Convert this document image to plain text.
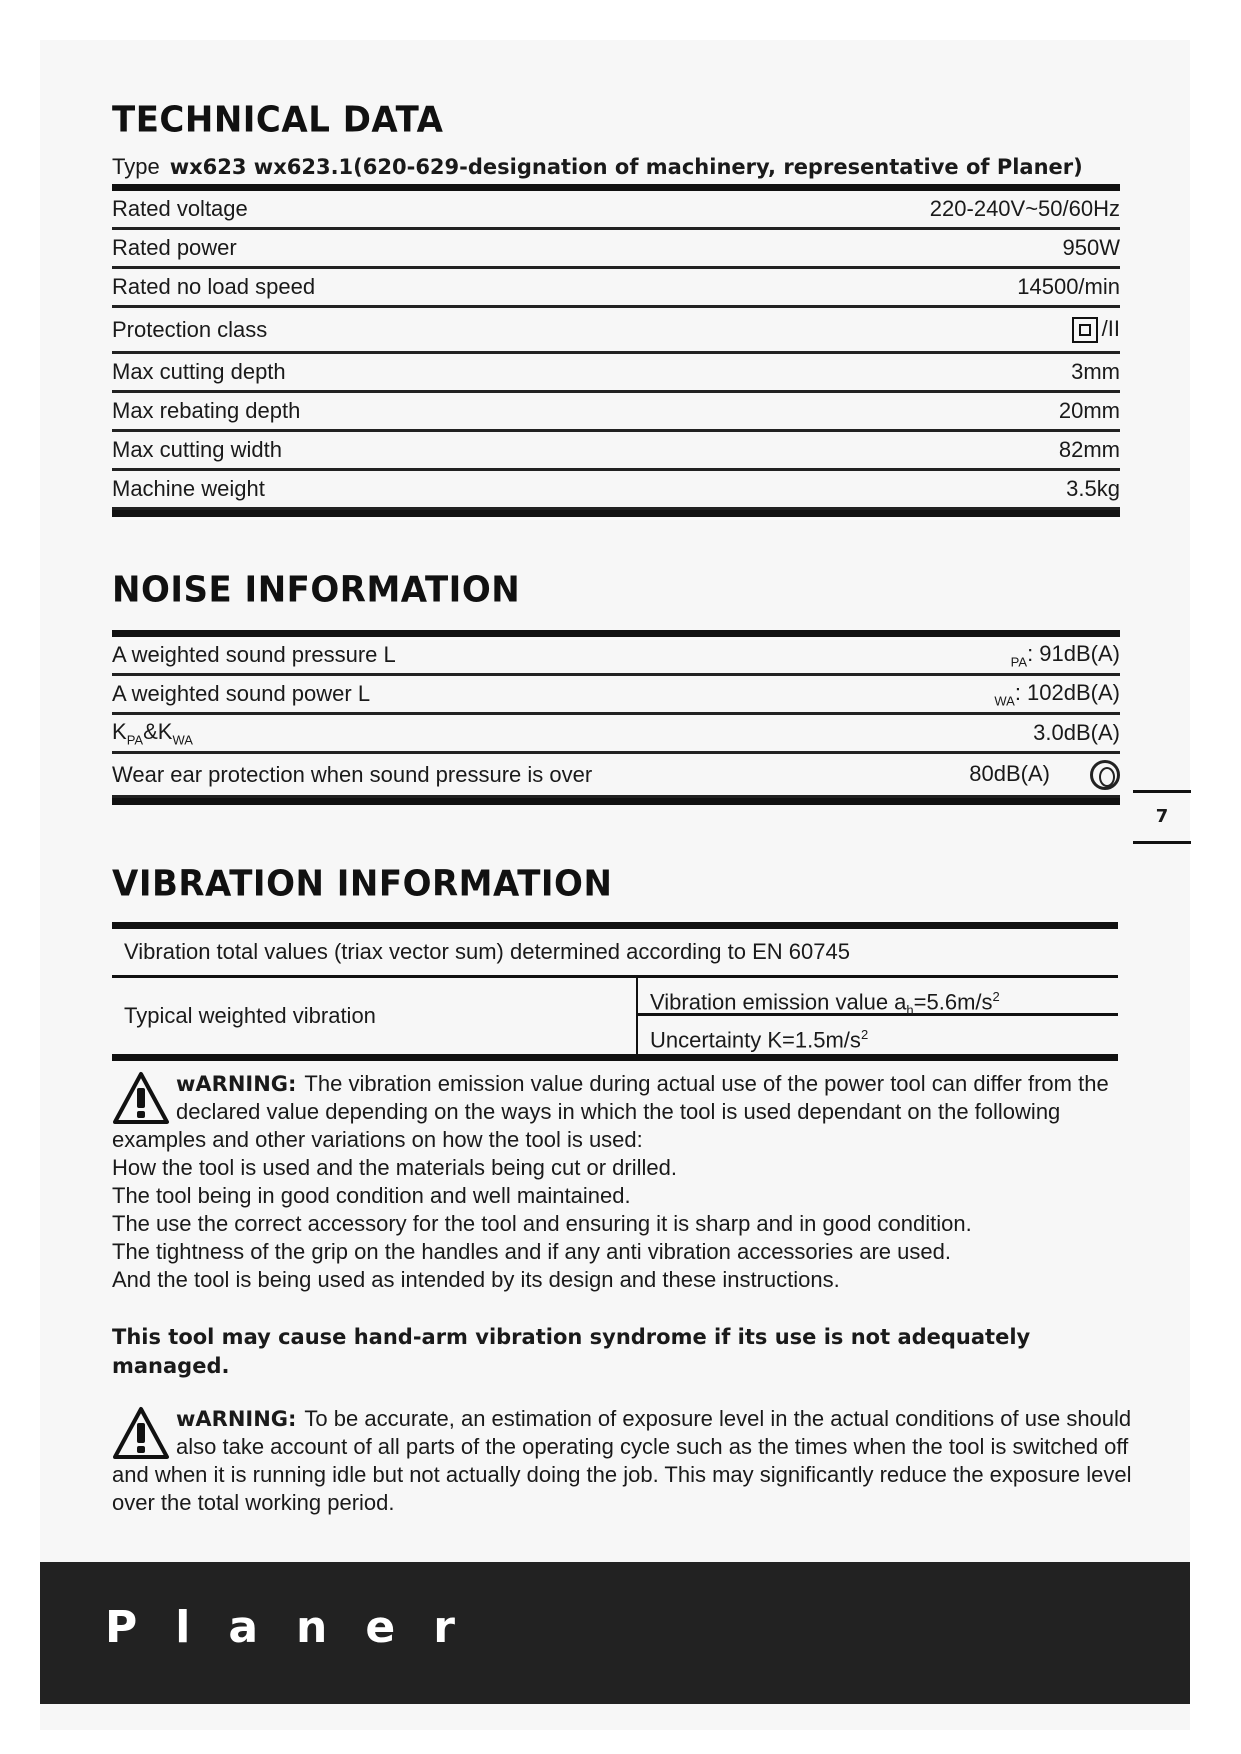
TECHNICAL DATA
Type wx623 wx623.1(620-629-designation of machinery, representative of Planer)
Rated voltage	220-240V~50/60Hz
Rated power	950W
Rated no load speed	14500/min
Protection class	/II
Max cutting depth	3mm
Max rebating depth	20mm
Max cutting width	82mm
Machine weight	3.5kg
NOISE INFORMATION
A weighted sound pressure L	$_{PA}$: 91dB(A)
A weighted sound power L	$_{WA}$: 102dB(A)
$K_{PA}\&K_{WA}$	3.0dB(A)
Wear ear protection when sound pressure is over	80dB(A)
7
VIBRATION INFORMATION
Vibration total values (triax vector sum) determined according to EN 60745
Typical weighted vibration
Vibration emission value $a_h=5.6m/s^2$
Uncertainty $K=1.5m/s^2$
wARNING: The vibration emission value during actual use of the power tool can differ from the declared value depending on the ways in which the tool is used dependant on the following examples and other variations on how the tool is used:
How the tool is used and the materials being cut or drilled.
The tool being in good condition and well maintained.
The use the correct accessory for the tool and ensuring it is sharp and in good condition.
The tightness of the grip on the handles and if any anti vibration accessories are used.
And the tool is being used as intended by its design and these instructions.
This tool may cause hand-arm vibration syndrome if its use is not adequately managed.
wARNING: To be accurate, an estimation of exposure level in the actual conditions of use should also take account of all parts of the operating cycle such as the times when the tool is switched off and when it is running idle but not actually doing the job. This may significantly reduce the exposure level over the total working period.
Planer
